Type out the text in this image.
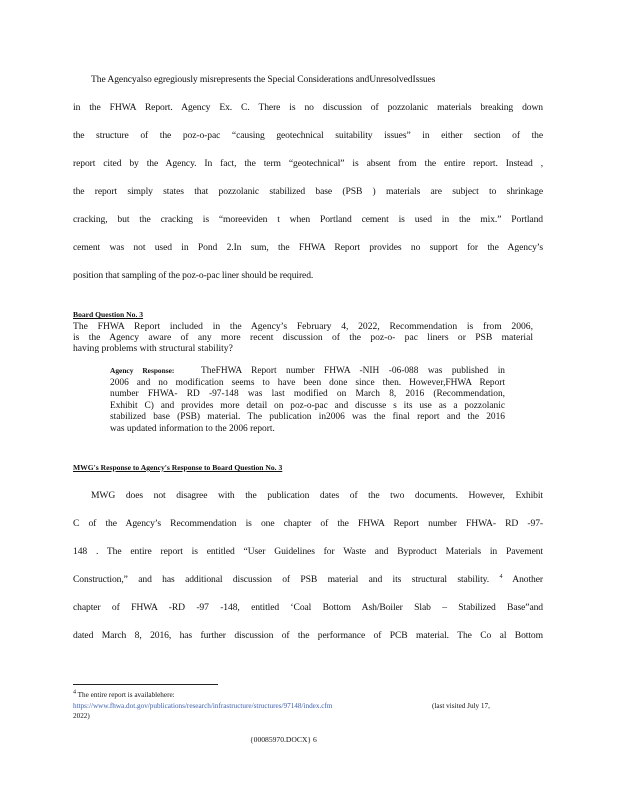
The Agencyalso egregiously misrepresents the Special Considerations andUnresolvedIssues
in the FHWA Report. Agency Ex. C. There is no discussion of pozzolanic materials breaking down
the structure of the poz-o-pac “causing geotechnical suitability issues” in either section of the
report cited by the Agency. In fact, the term “geotechnical” is absent from the entire report. Instead ,
the report simply states that pozzolanic stabilized base (PSB ) materials are subject to shrinkage
cracking, but the cracking is “moreeviden t when Portland cement is used in the mix.” Portland
cement was not used in Pond 2.In sum, the FHWA Report provides no support for the Agency’s
position that sampling of the poz-o-pac liner should be required.
Board Question No. 3
The FHWA Report included in the Agency’s February 4, 2022, Recommendation is from 2006,
is the Agency aware of any more recent discussion of the poz-o- pac liners or PSB material
having problems with structural stability?
Agency Response:	TheFHWA Report number FHWA -NIH -06-088 was published in
2006 and no modification seems to have been done since then. However,FHWA Report
number FHWA- RD -97-148 was last modified on March 8, 2016 (Recommendation,
Exhibit C) and provides more detail on poz-o-pac and discusse s its use as a pozzolanic
stabilized base (PSB) material. The publication in2006 was the final report and the 2016
was updated information to the 2006 report.
MWG's Response to Agency's Response to Board Question No. 3
MWG does not disagree with the publication dates of the two documents. However, Exhibit
C of the Agency’s Recommendation is one chapter of the FHWA Report number FHWA- RD -97-
148 . The entire report is entitled “User Guidelines for Waste and Byproduct Materials in Pavement
Construction,” and has additional discussion of PSB material and its structural stability. $^4$ Another
chapter of FHWA -RD -97 -148, entitled ‘Coal Bottom Ash/Boiler Slab – Stabilized Base”and
dated March 8, 2016, has further discussion of the performance of PCB material. The Co al Bottom
$^4$ The entire report is availablehere:
https://www.fhwa.dot.gov/publications/research/infrastructure/structures/97148/index.cfm	(last visited July 17,
2022)
{00085970.DOCX} 6
